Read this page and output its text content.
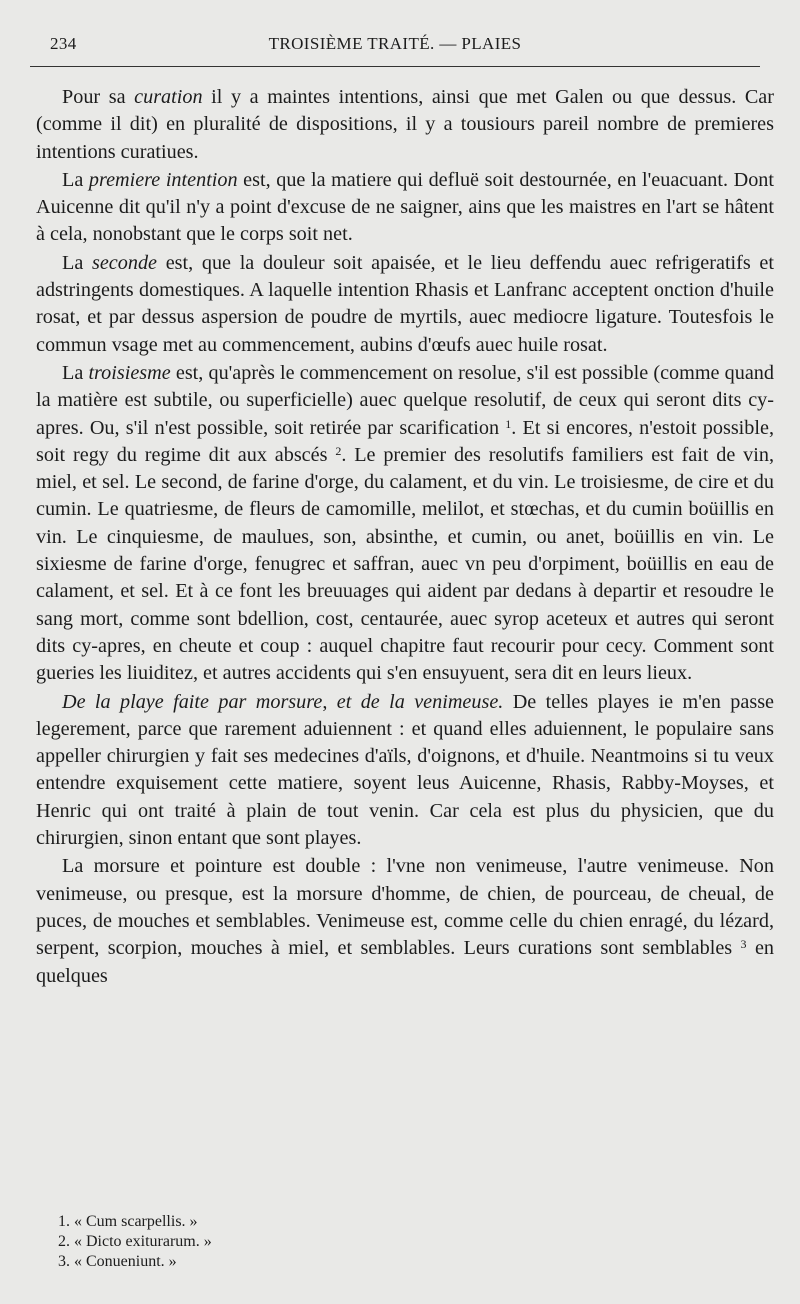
234	TROISIÈME TRAITÉ. — PLAIES

Pour sa curation il y a maintes intentions, ainsi que met Galen ou que dessus. Car (comme il dit) en pluralité de dispositions, il y a tousiours pareil nombre de premieres intentions curatiues.

La premiere intention est, que la matiere qui defluë soit destournée, en l'euacuant. Dont Auicenne dit qu'il n'y a point d'excuse de ne saigner, ains que les maistres en l'art se hâtent à cela, nonobstant que le corps soit net.

La seconde est, que la douleur soit apaisée, et le lieu deffendu auec refrigeratifs et adstringents domestiques. A laquelle intention Rhasis et Lanfranc acceptent onction d'huile rosat, et par dessus aspersion de poudre de myrtils, auec mediocre ligature. Toutesfois le commun vsage met au commencement, aubins d'œufs auec huile rosat.

La troisiesme est, qu'après le commencement on resolue, s'il est possible (comme quand la matière est subtile, ou superficielle) auec quelque resolutif, de ceux qui seront dits cy-apres. Ou, s'il n'est possible, soit retirée par scarification $^1$. Et si encores, n'estoit possible, soit regy du regime dit aux abscés $^2$. Le premier des resolutifs familiers est fait de vin, miel, et sel. Le second, de farine d'orge, du calament, et du vin. Le troisiesme, de cire et du cumin. Le quatriesme, de fleurs de camomille, melilot, et stœchas, et du cumin boüillis en vin. Le cinquiesme, de maulues, son, absinthe, et cumin, ou anet, boüillis en vin. Le sixiesme de farine d'orge, fenugrec et saffran, auec vn peu d'orpiment, boüillis en eau de calament, et sel. Et à ce font les breuuages qui aident par dedans à departir et resoudre le sang mort, comme sont bdellion, cost, centaurée, auec syrop aceteux et autres qui seront dits cy-apres, en cheute et coup : auquel chapitre faut recourir pour cecy. Comment sont gueries les liuiditez, et autres accidents qui s'en ensuyuent, sera dit en leurs lieux.

De la playe faite par morsure, et de la venimeuse. De telles playes ie m'en passe legerement, parce que rarement aduiennent : et quand elles aduiennent, le populaire sans appeller chirurgien y fait ses medecines d'aïls, d'oignons, et d'huile. Neantmoins si tu veux entendre exquisement cette matiere, soyent leus Auicenne, Rhasis, Rabby-Moyses, et Henric qui ont traité à plain de tout venin. Car cela est plus du physicien, que du chirurgien, sinon entant que sont playes.

La morsure et pointure est double : l'vne non venimeuse, l'autre venimeuse. Non venimeuse, ou presque, est la morsure d'homme, de chien, de pourceau, de cheual, de puces, de mouches et semblables. Venimeuse est, comme celle du chien enragé, du lézard, serpent, scorpion, mouches à miel, et semblables. Leurs curations sont semblables $^3$ en quelques

1. « Cum scarpellis. »
2. « Dicto exiturarum. »
3. « Conueniunt. »
